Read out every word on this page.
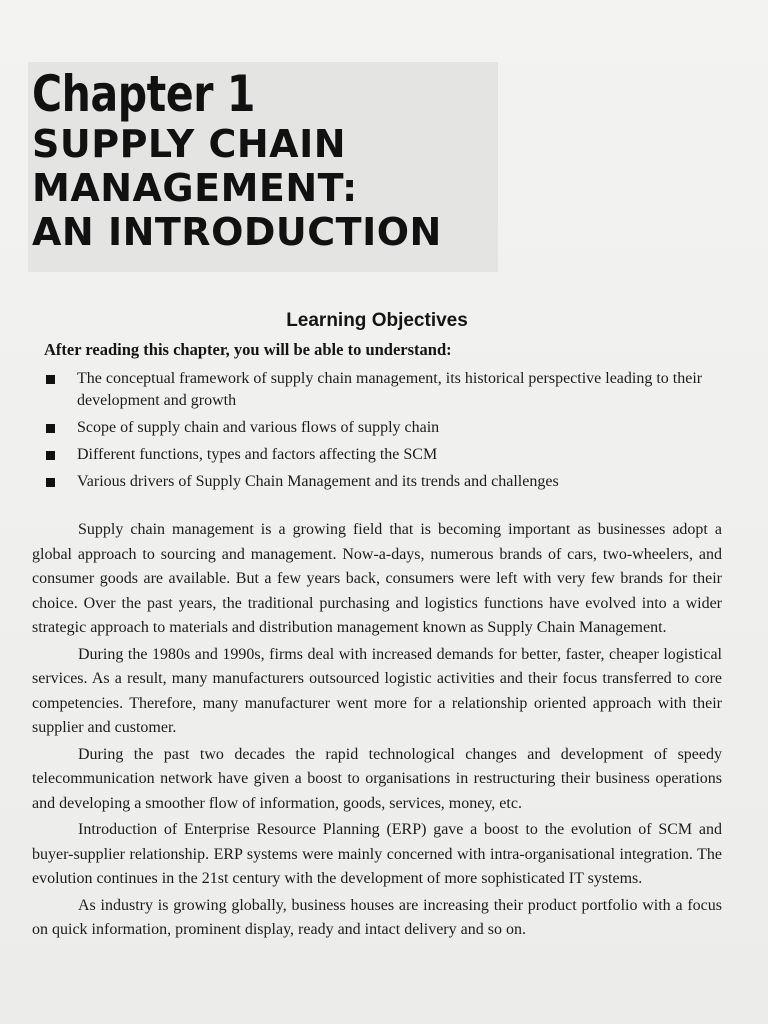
Chapter 1
SUPPLY CHAIN
MANAGEMENT:
AN INTRODUCTION
Learning Objectives

After reading this chapter, you will be able to understand:

The conceptual framework of supply chain management, its historical perspective leading to their development and growth
Scope of supply chain and various flows of supply chain
Different functions, types and factors affecting the SCM
Various drivers of Supply Chain Management and its trends and challenges

Supply chain management is a growing field that is becoming important as businesses adopt a global approach to sourcing and management. Now-a-days, numerous brands of cars, two-wheelers, and consumer goods are available. But a few years back, consumers were left with very few brands for their choice. Over the past years, the traditional purchasing and logistics functions have evolved into a wider strategic approach to materials and distribution management known as Supply Chain Management.

During the 1980s and 1990s, firms deal with increased demands for better, faster, cheaper logistical services. As a result, many manufacturers outsourced logistic activities and their focus transferred to core competencies. Therefore, many manufacturer went more for a relationship oriented approach with their supplier and customer.

During the past two decades the rapid technological changes and development of speedy telecommunication network have given a boost to organisations in restructuring their business operations and developing a smoother flow of information, goods, services, money, etc.

Introduction of Enterprise Resource Planning (ERP) gave a boost to the evolution of SCM and buyer-supplier relationship. ERP systems were mainly concerned with intra-organisational integration. The evolution continues in the 21st century with the development of more sophisticated IT systems.

As industry is growing globally, business houses are increasing their product portfolio with a focus on quick information, prominent display, ready and intact delivery and so on.
